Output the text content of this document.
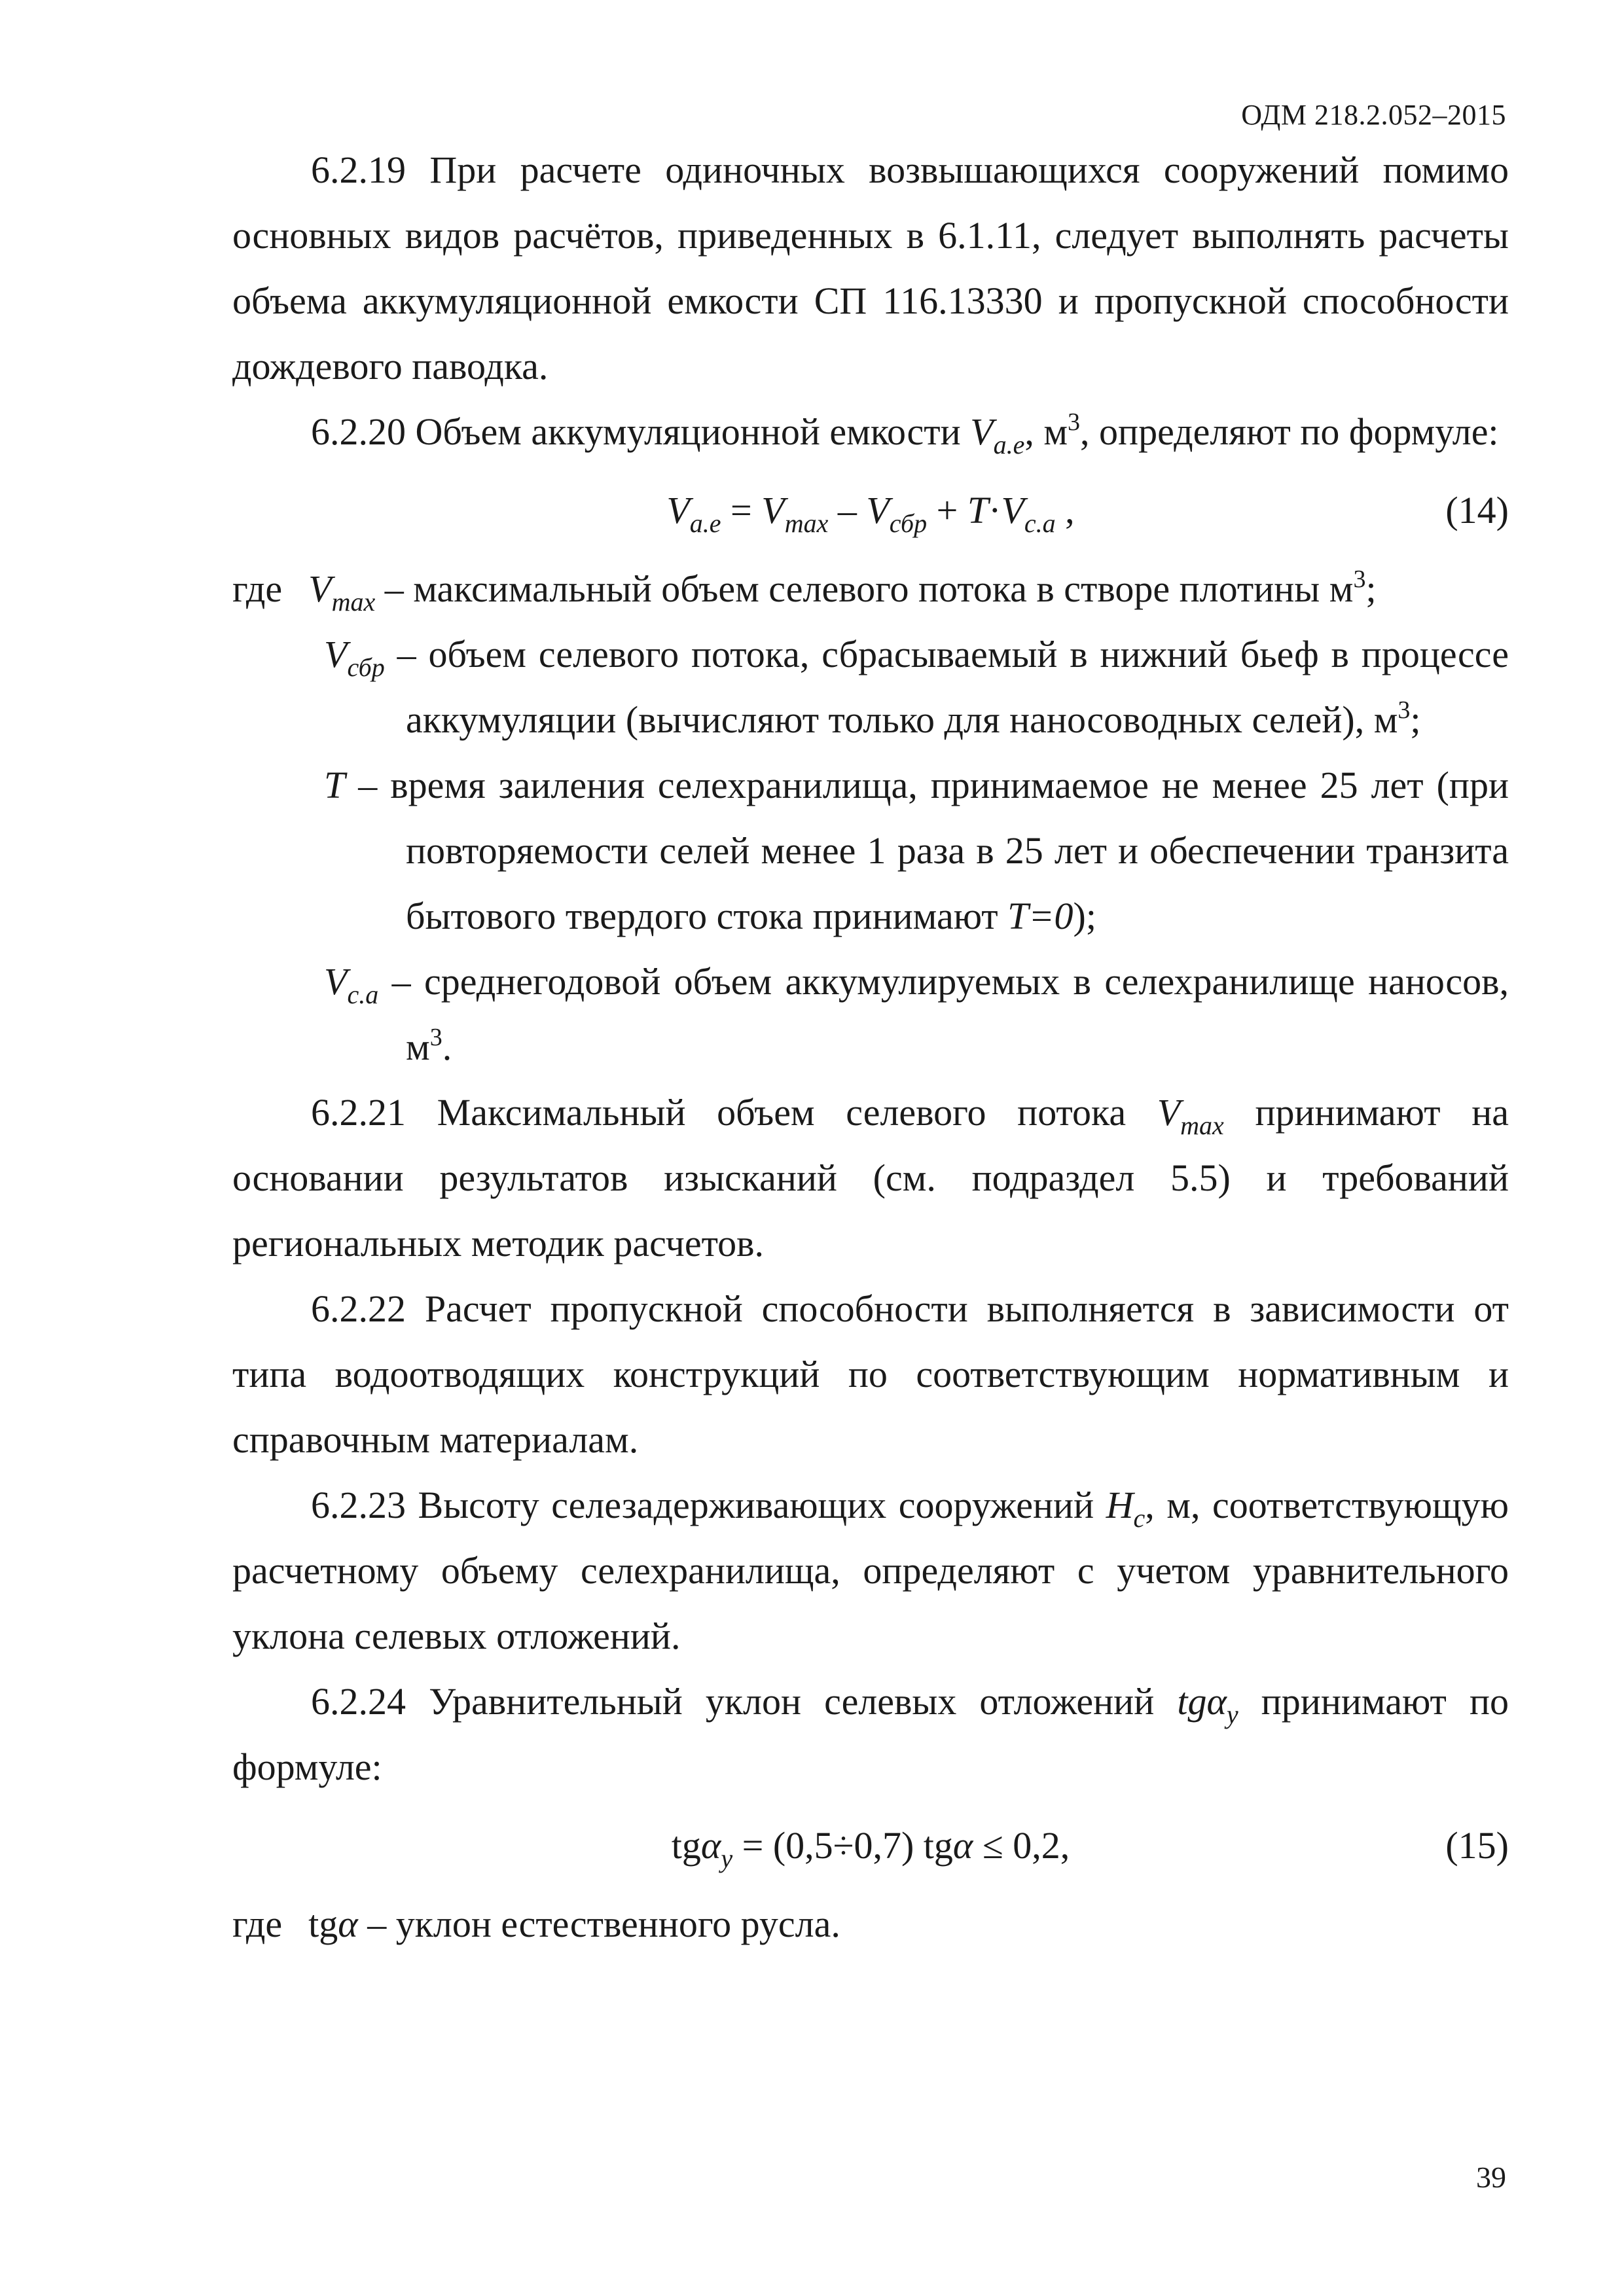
ОДМ 218.2.052–2015

6.2.19 При расчете одиночных возвышающихся сооружений помимо основных видов расчётов, приведенных в 6.1.11, следует выполнять расчеты объема аккумуляционной емкости СП 116.13330 и пропускной способности дождевого паводка.

6.2.20 Объем аккумуляционной емкости $V_{а.е}$, $м^3$, определяют по формуле:

$V_{а.е} = V_{max} - V_{сбр} + T\cdot V_{с.а}$ ,	(14)

где $V_{max}$ – максимальный объем селевого потока в створе плотины $м^3$;

$V_{сбр}$ – объем селевого потока, сбрасываемый в нижний бьеф в процессе аккумуляции (вычисляют только для наносоводных селей), $м^3$;

T – время заиления селехранилища, принимаемое не менее 25 лет (при повторяемости селей менее 1 раза в 25 лет и обеспечении транзита бытового твердого стока принимают T=0);

$V_{с.а}$ – среднегодовой объем аккумулируемых в селехранилище наносов, $м^3$.

6.2.21 Максимальный объем селевого потока $V_{max}$ принимают на основании результатов изысканий (см. подраздел 5.5) и требований региональных методик расчетов.

6.2.22 Расчет пропускной способности выполняется в зависимости от типа водоотводящих конструкций по соответствующим нормативным и справочным материалам.

6.2.23 Высоту селезадерживающих сооружений $H_с$, м, соответствующую расчетному объему селехранилища, определяют с учетом уравнительного уклона селевых отложений.

6.2.24 Уравнительный уклон селевых отложений tgα$_у$ принимают по формуле:

tgα$_у$ = (0,5÷0,7) tgα ≤ 0,2,	(15)

где tgα – уклон естественного русла.

39
